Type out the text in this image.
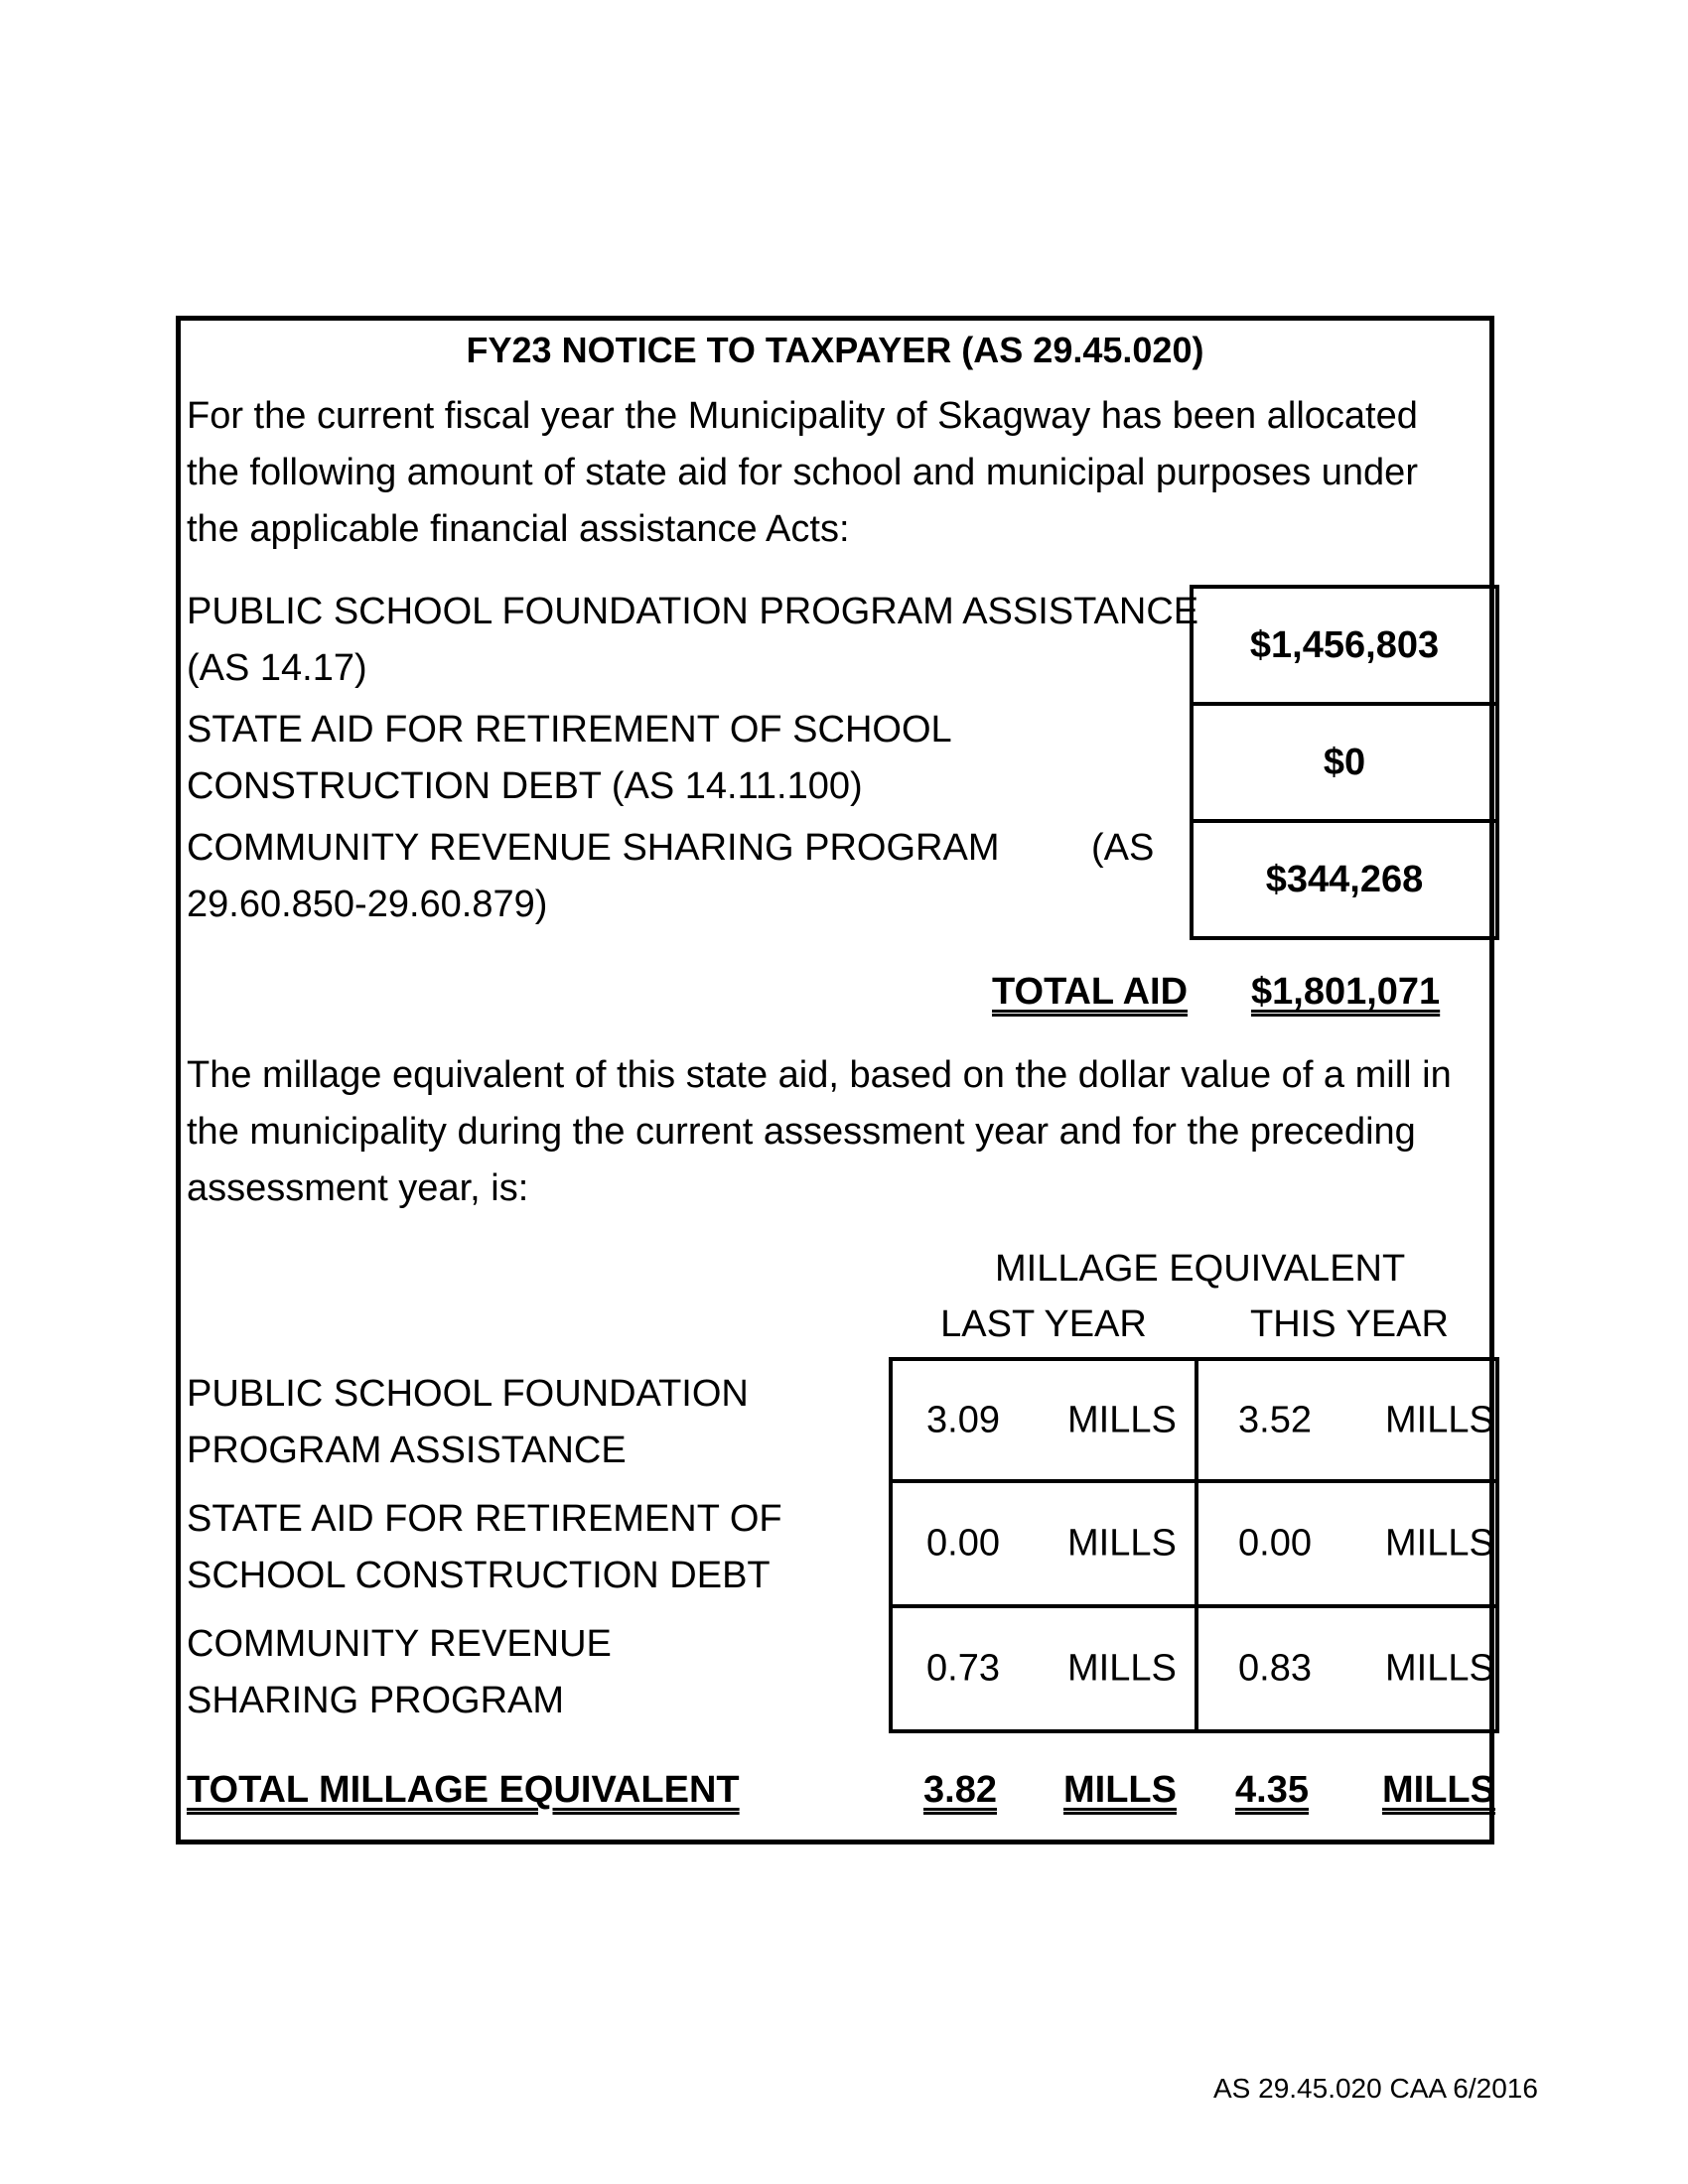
FY23 NOTICE TO TAXPAYER (AS 29.45.020)
For the current fiscal year the Municipality of Skagway has been allocated the following amount of state aid for school and municipal purposes under the applicable financial assistance Acts:
PUBLIC SCHOOL FOUNDATION PROGRAM ASSISTANCE
(AS 14.17)
$1,456,803
STATE AID FOR RETIREMENT OF SCHOOL
CONSTRUCTION DEBT (AS 14.11.100)
$0
COMMUNITY REVENUE SHARING PROGRAM (AS
29.60.850-29.60.879)
$344,268
TOTAL AID $1,801,071
The millage equivalent of this state aid, based on the dollar value of a mill in the municipality during the current assessment year and for the preceding assessment year, is:
MILLAGE EQUIVALENT
LAST YEAR	THIS YEAR
PUBLIC SCHOOL FOUNDATION
PROGRAM ASSISTANCE
3.09 MILLS 3.52 MILLS
STATE AID FOR RETIREMENT OF
SCHOOL CONSTRUCTION DEBT
0.00 MILLS 0.00 MILLS
COMMUNITY REVENUE
SHARING PROGRAM
0.73 MILLS 0.83 MILLS
TOTAL MILLAGE EQUIVALENT	3.82 MILLS 4.35 MILLS
AS 29.45.020 CAA 6/2016
